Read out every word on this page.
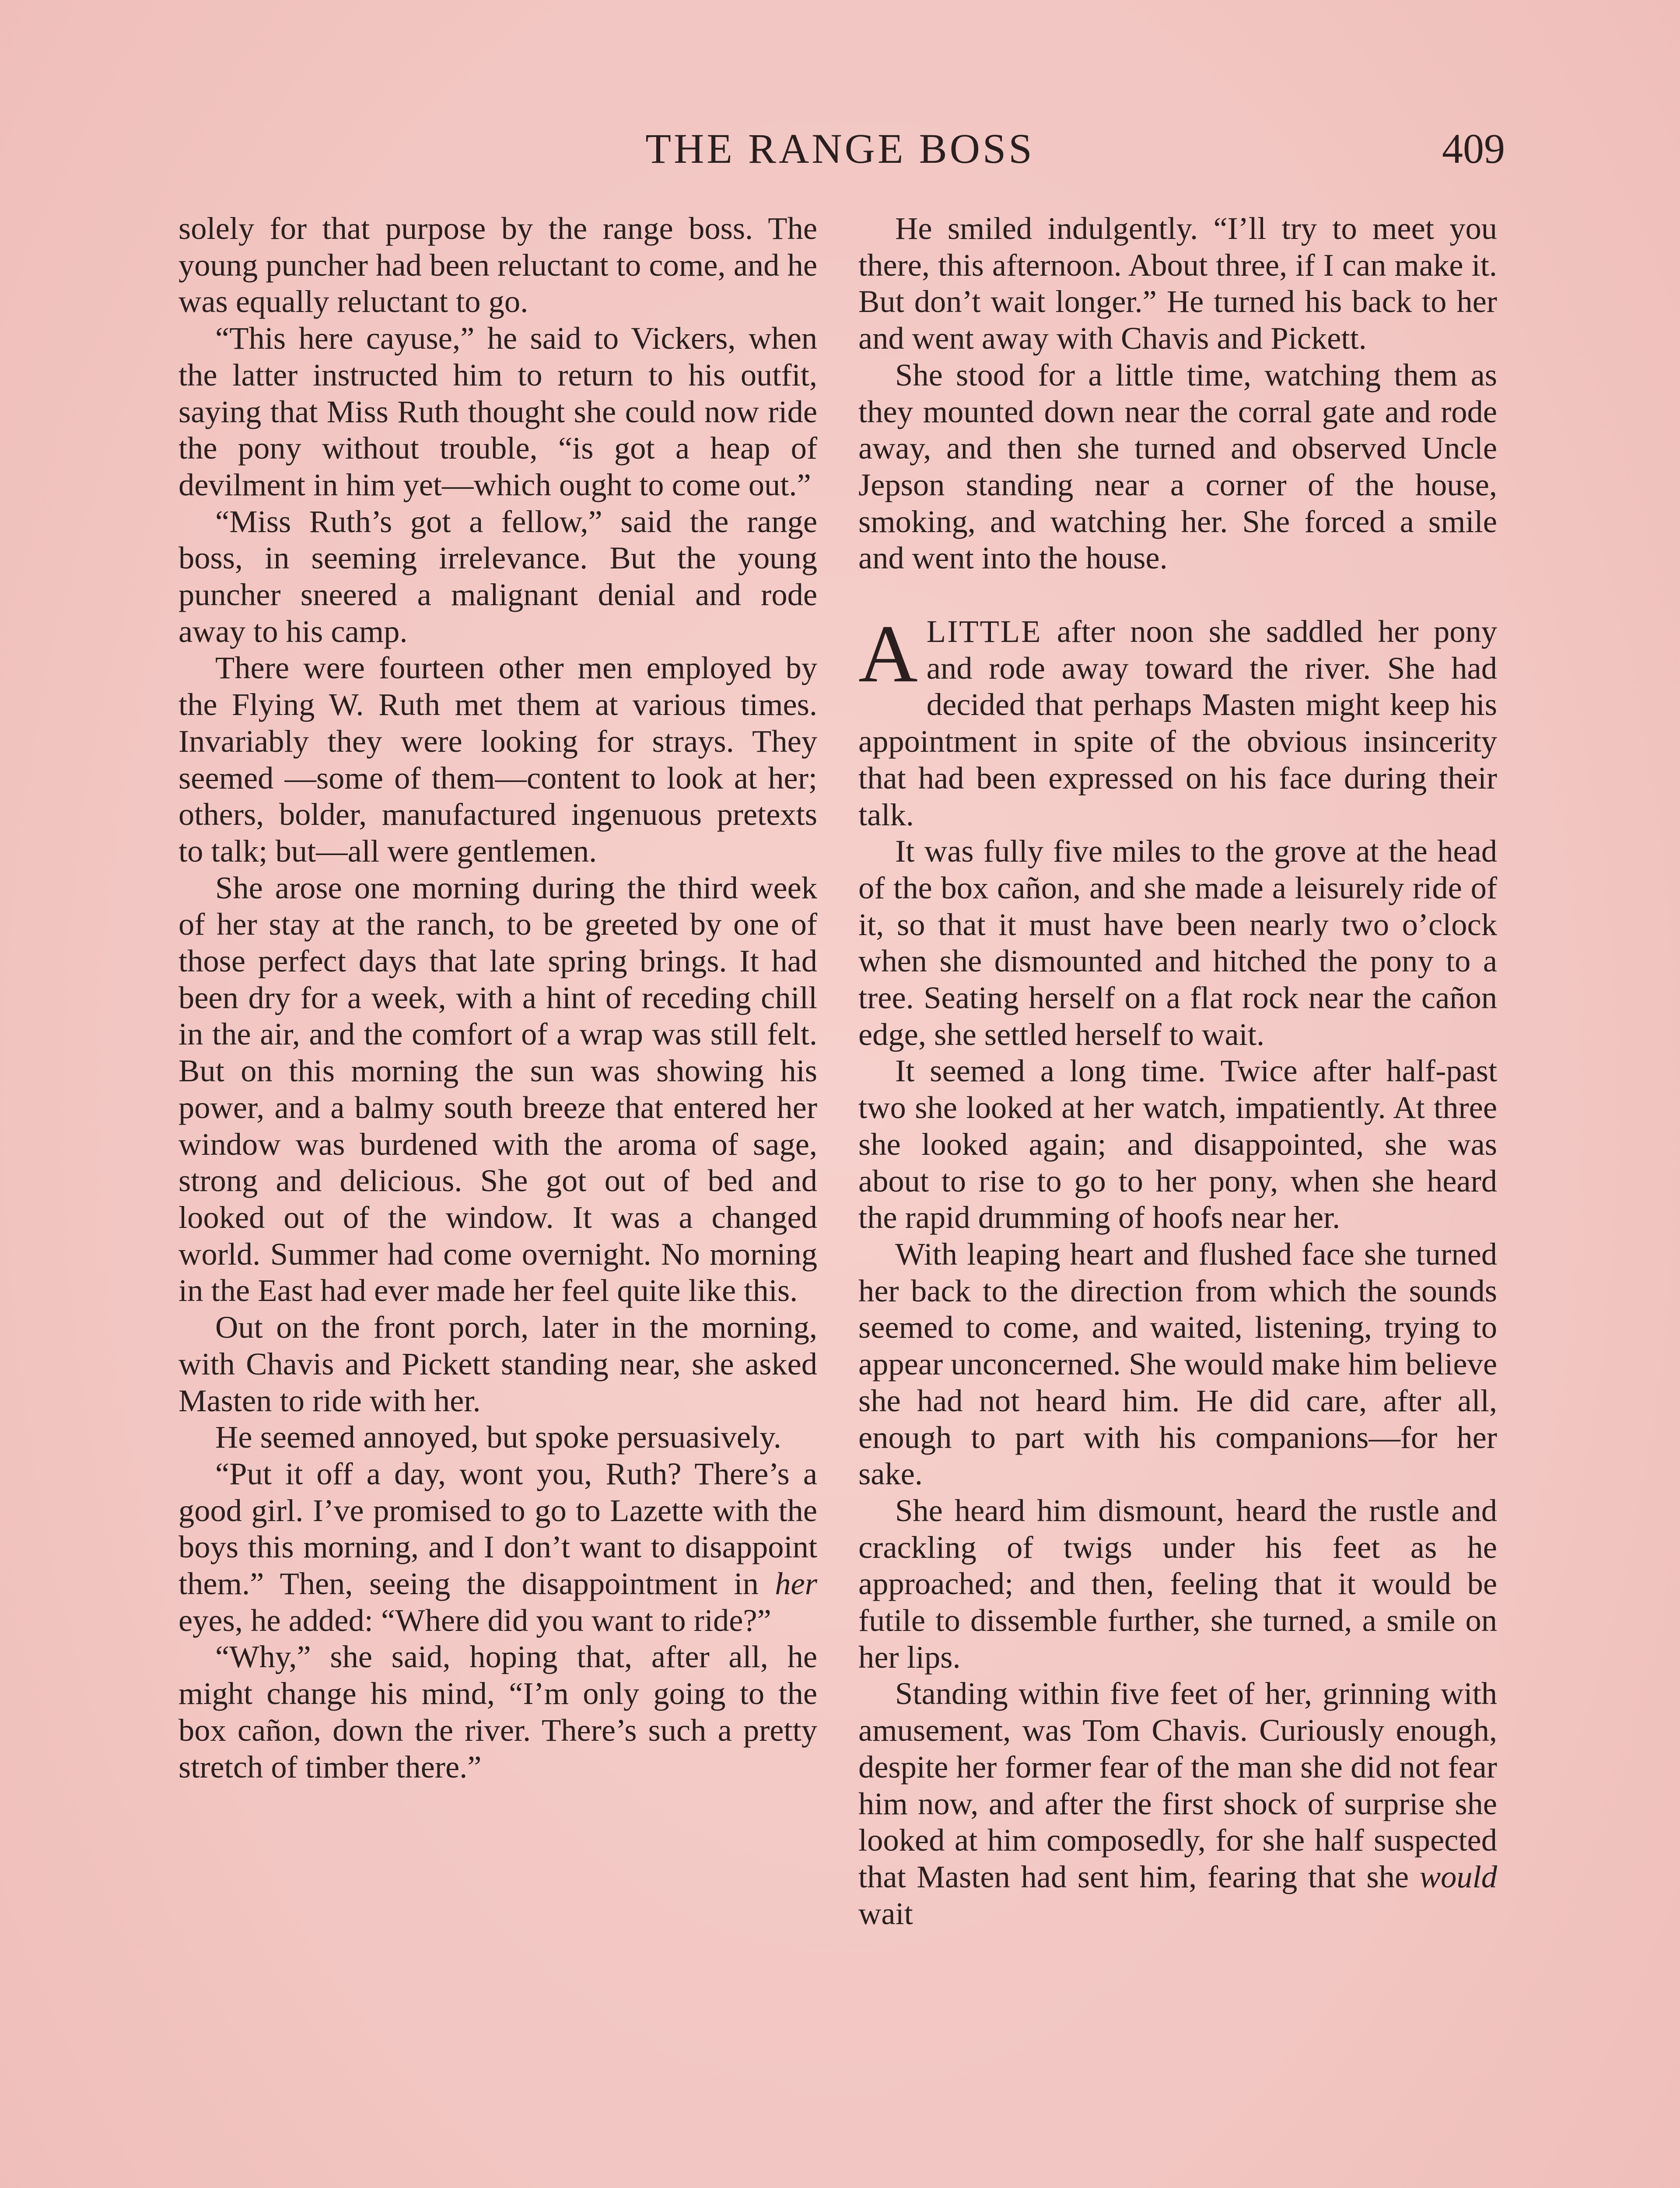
THE RANGE BOSS	409

solely for that purpose by the range boss. The young puncher had been reluctant to come, and he was equally reluctant to go.

“This here cayuse,” he said to Vickers, when the latter instructed him to return to his outfit, saying that Miss Ruth thought she could now ride the pony without trouble, “is got a heap of devilment in him yet—which ought to come out.”

“Miss Ruth’s got a fellow,” said the range boss, in seeming irrelevance. But the young puncher sneered a malignant denial and rode away to his camp.

There were fourteen other men employed by the Flying W. Ruth met them at various times. Invariably they were looking for strays. They seemed —some of them—content to look at her; others, bolder, manufactured ingenuous pretexts to talk; but—all were gentlemen.

She arose one morning during the third week of her stay at the ranch, to be greeted by one of those perfect days that late spring brings. It had been dry for a week, with a hint of receding chill in the air, and the comfort of a wrap was still felt. But on this morning the sun was showing his power, and a balmy south breeze that entered her window was burdened with the aroma of sage, strong and delicious. She got out of bed and looked out of the window. It was a changed world. Summer had come overnight. No morning in the East had ever made her feel quite like this.

Out on the front porch, later in the morning, with Chavis and Pickett standing near, she asked Masten to ride with her.

He seemed annoyed, but spoke persuasively.

“Put it off a day, wont you, Ruth? There’s a good girl. I’ve promised to go to Lazette with the boys this morning, and I don’t want to disappoint them.” Then, seeing the disappointment in her eyes, he added: “Where did you want to ride?”

“Why,” she said, hoping that, after all, he might change his mind, “I’m only going to the box cañon, down the river. There’s such a pretty stretch of timber there.”

He smiled indulgently. “I’ll try to meet you there, this afternoon. About three, if I can make it. But don’t wait longer.” He turned his back to her and went away with Chavis and Pickett.

She stood for a little time, watching them as they mounted down near the corral gate and rode away, and then she turned and observed Uncle Jepson standing near a corner of the house, smoking, and watching her. She forced a smile and went into the house.

ALITTLE after noon she saddled her pony and rode away toward the river. She had decided that perhaps Masten might keep his appointment in spite of the obvious insincerity that had been expressed on his face during their talk.

It was fully five miles to the grove at the head of the box cañon, and she made a leisurely ride of it, so that it must have been nearly two o’clock when she dismounted and hitched the pony to a tree. Seating herself on a flat rock near the cañon edge, she settled herself to wait.

It seemed a long time. Twice after half-past two she looked at her watch, impatiently. At three she looked again; and disappointed, she was about to rise to go to her pony, when she heard the rapid drumming of hoofs near her.

With leaping heart and flushed face she turned her back to the direction from which the sounds seemed to come, and waited, listening, trying to appear unconcerned. She would make him believe she had not heard him. He did care, after all, enough to part with his companions—for her sake.

She heard him dismount, heard the rustle and crackling of twigs under his feet as he approached; and then, feeling that it would be futile to dissemble further, she turned, a smile on her lips.

Standing within five feet of her, grinning with amusement, was Tom Chavis. Curiously enough, despite her former fear of the man she did not fear him now, and after the first shock of surprise she looked at him composedly, for she half suspected that Masten had sent him, fearing that she would wait
